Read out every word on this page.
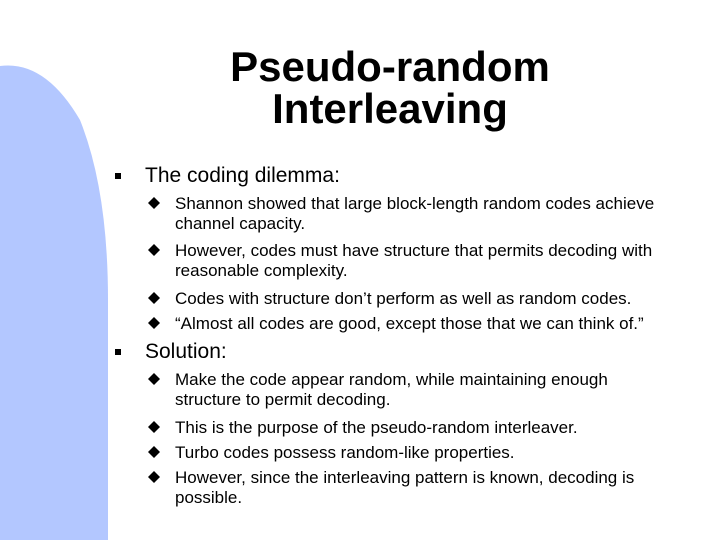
Pseudo-random
Interleaving
The coding dilemma:
Shannon showed that large block-length random codes achieve
channel capacity.
However, codes must have structure that permits decoding with
reasonable complexity.
Codes with structure don’t perform as well as random codes.
“Almost all codes are good, except those that we can think of.”
Solution:
Make the code appear random, while maintaining enough
structure to permit decoding.
This is the purpose of the pseudo-random interleaver.
Turbo codes possess random-like properties.
However, since the interleaving pattern is known, decoding is
possible.
